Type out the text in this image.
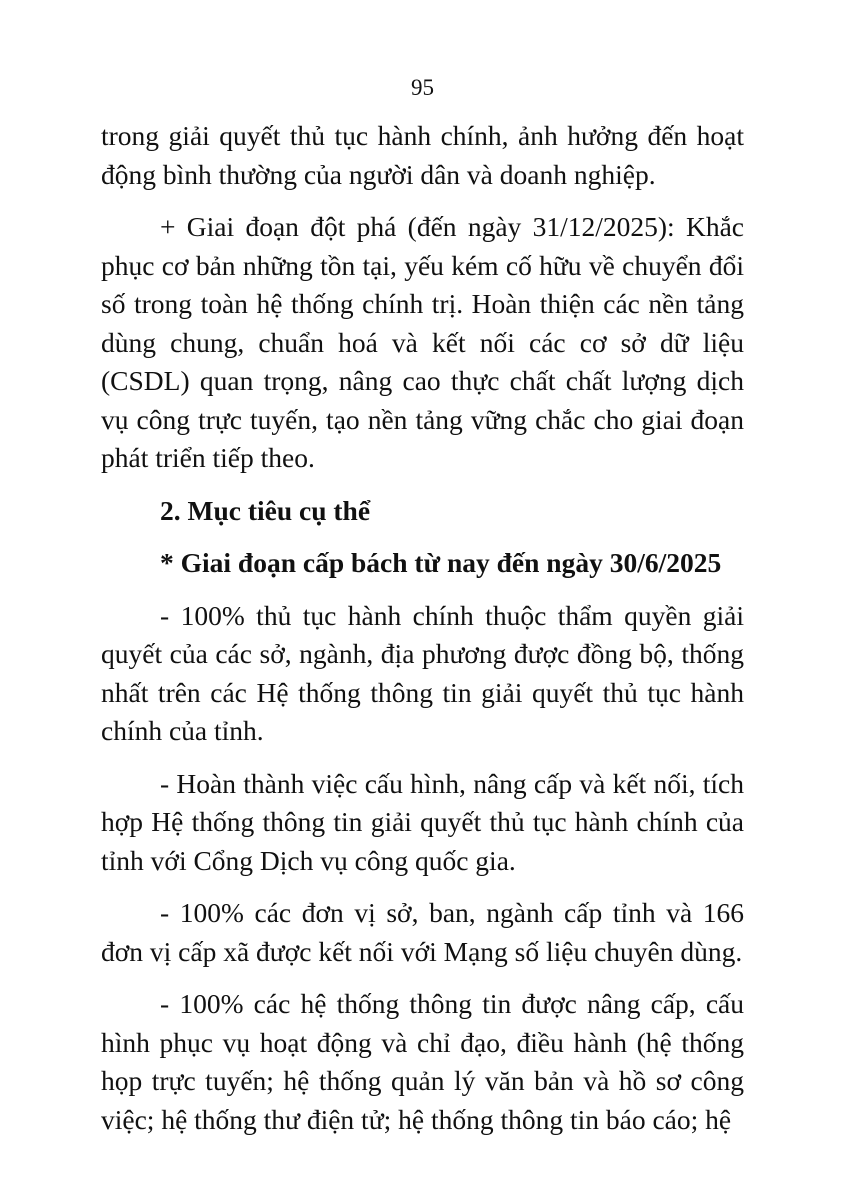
95

trong giải quyết thủ tục hành chính, ảnh hưởng đến hoạt động bình thường của người dân và doanh nghiệp.

+ Giai đoạn đột phá (đến ngày 31/12/2025): Khắc phục cơ bản những tồn tại, yếu kém cố hữu về chuyển đổi số trong toàn hệ thống chính trị. Hoàn thiện các nền tảng dùng chung, chuẩn hoá và kết nối các cơ sở dữ liệu (CSDL) quan trọng, nâng cao thực chất chất lượng dịch vụ công trực tuyến, tạo nền tảng vững chắc cho giai đoạn phát triển tiếp theo.

2. Mục tiêu cụ thể

* Giai đoạn cấp bách từ nay đến ngày 30/6/2025

- 100% thủ tục hành chính thuộc thẩm quyền giải quyết của các sở, ngành, địa phương được đồng bộ, thống nhất trên các Hệ thống thông tin giải quyết thủ tục hành chính của tỉnh.

- Hoàn thành việc cấu hình, nâng cấp và kết nối, tích hợp Hệ thống thông tin giải quyết thủ tục hành chính của tỉnh với Cổng Dịch vụ công quốc gia.

- 100% các đơn vị sở, ban, ngành cấp tỉnh và 166 đơn vị cấp xã được kết nối với Mạng số liệu chuyên dùng.

- 100% các hệ thống thông tin được nâng cấp, cấu hình phục vụ hoạt động và chỉ đạo, điều hành (hệ thống họp trực tuyến; hệ thống quản lý văn bản và hồ sơ công việc; hệ thống thư điện tử; hệ thống thông tin báo cáo; hệ
